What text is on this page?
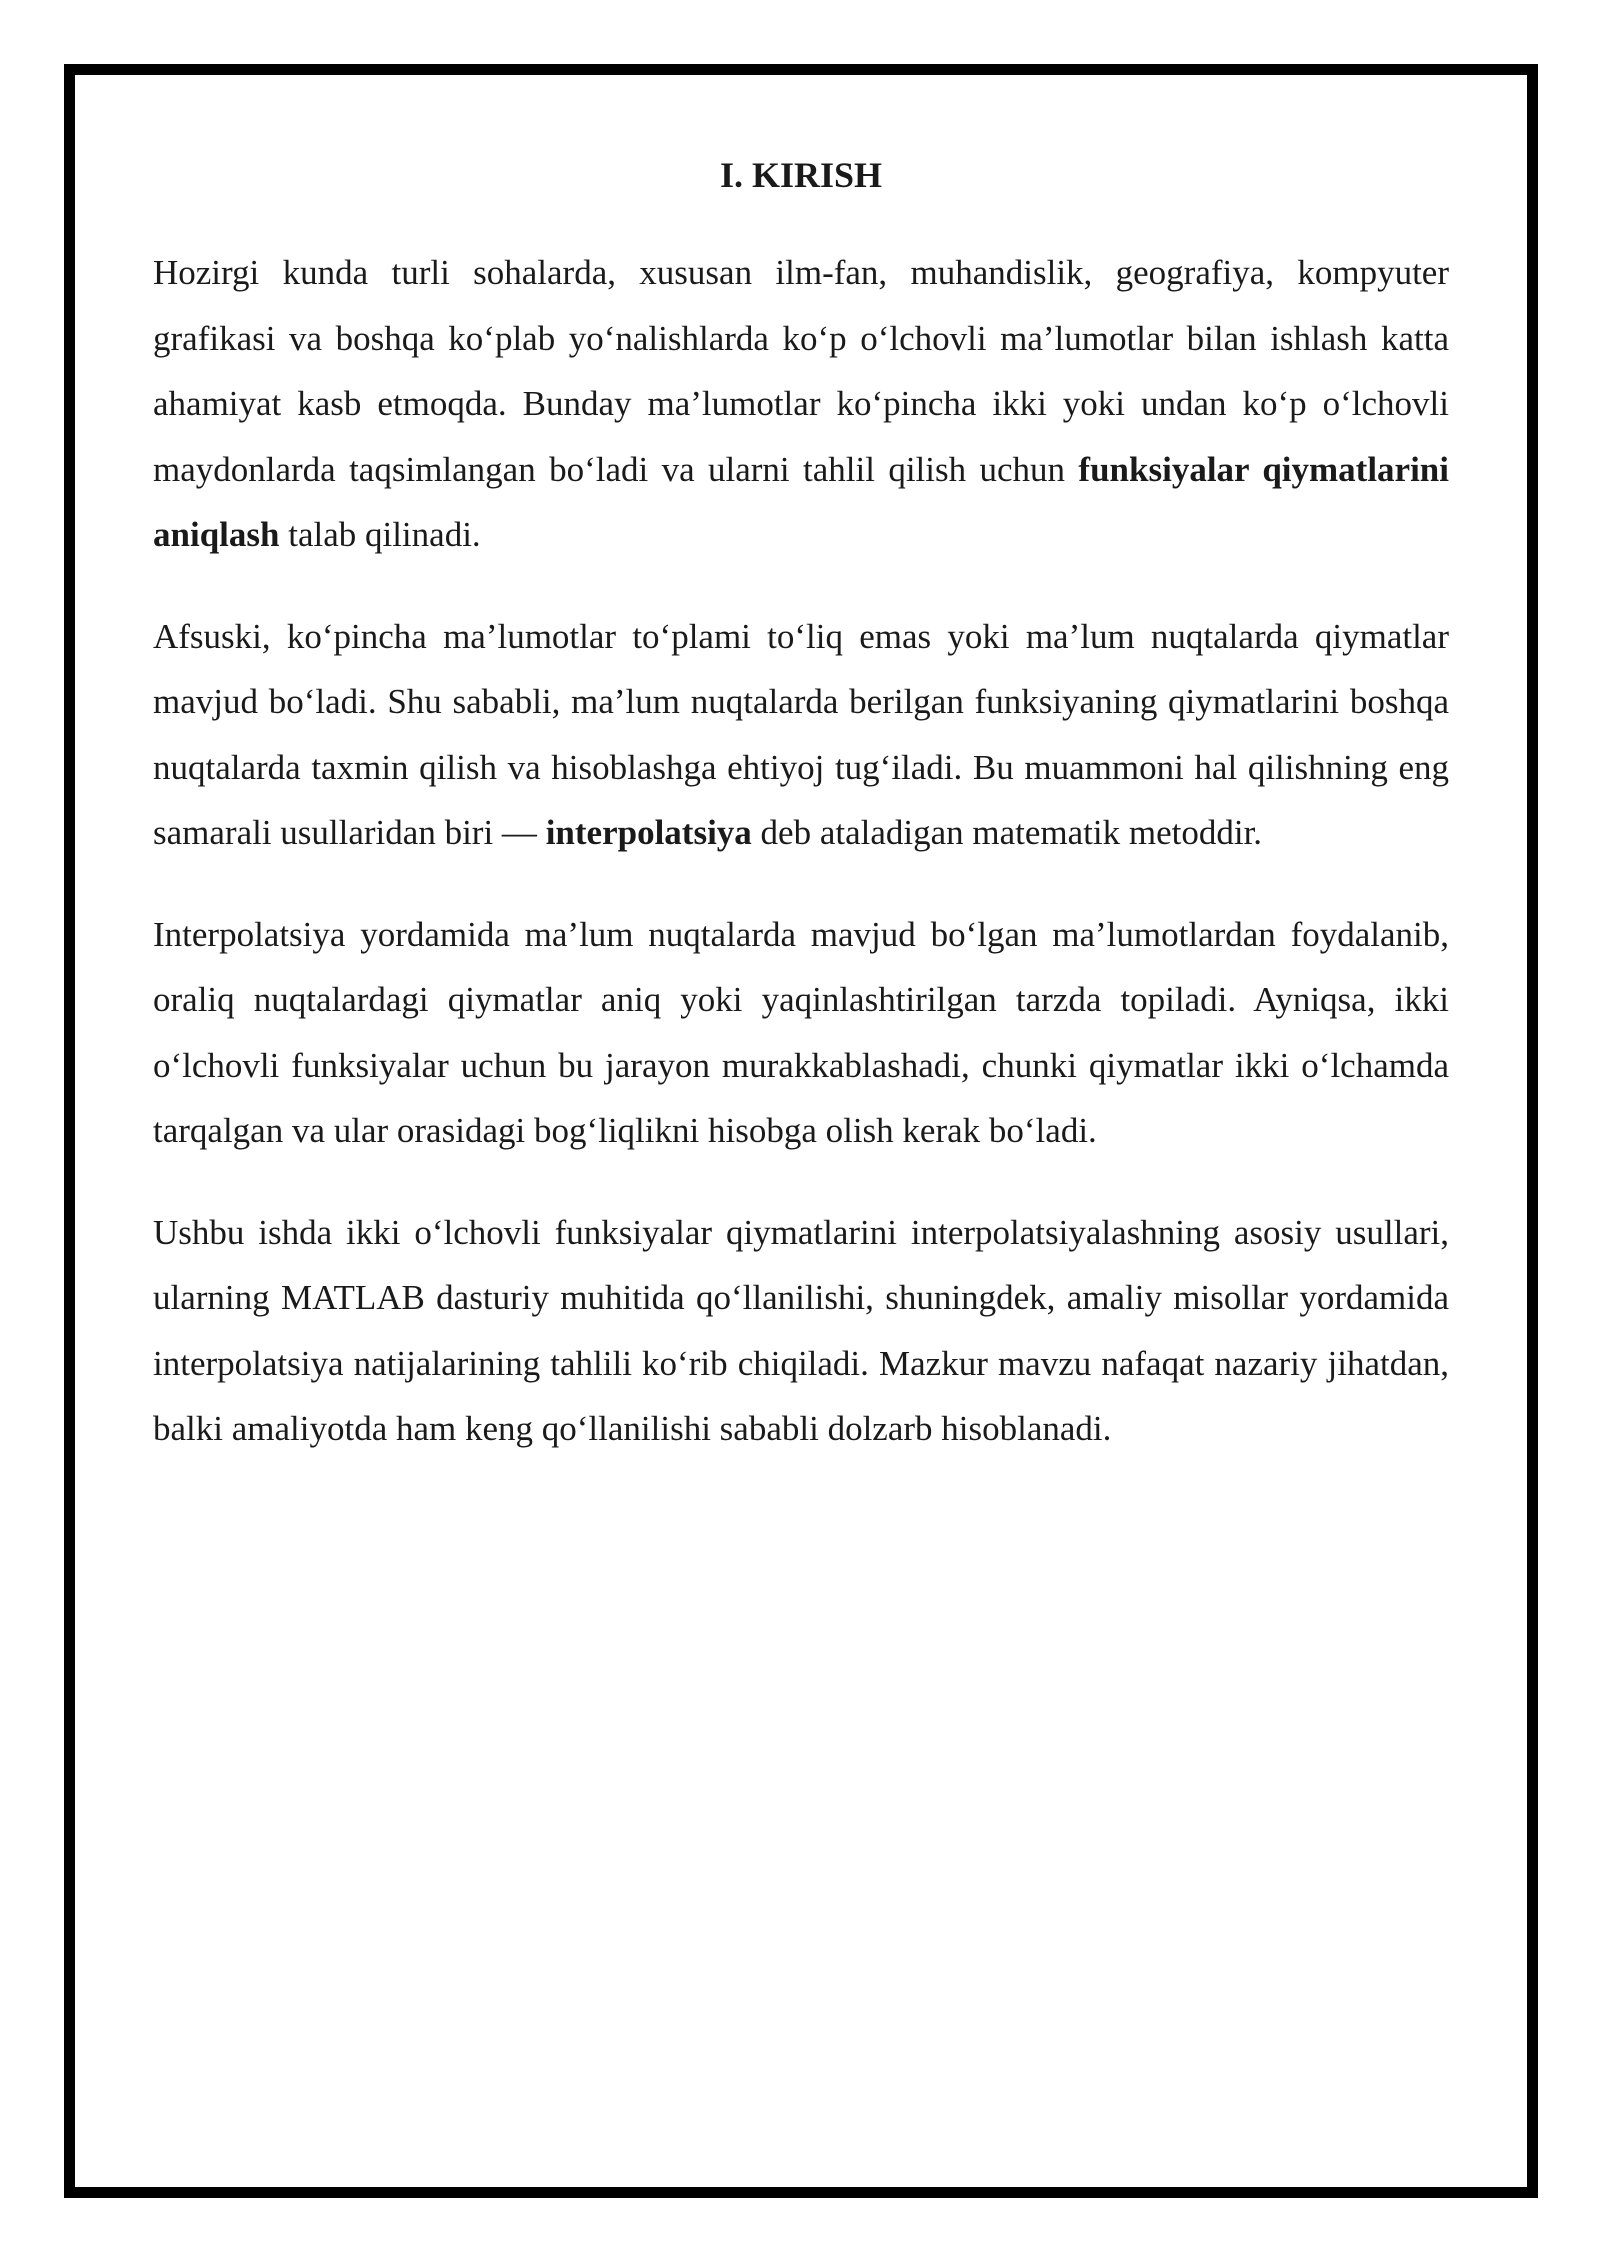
I. KIRISH

Hozirgi kunda turli sohalarda, xususan ilm-fan, muhandislik, geografiya, kompyuter grafikasi va boshqa ko‘plab yo‘nalishlarda ko‘p o‘lchovli ma’lumotlar bilan ishlash katta ahamiyat kasb etmoqda. Bunday ma’lumotlar ko‘pincha ikki yoki undan ko‘p o‘lchovli maydonlarda taqsimlangan bo‘ladi va ularni tahlil qilish uchun funksiyalar qiymatlarini aniqlash talab qilinadi.

Afsuski, ko‘pincha ma’lumotlar to‘plami to‘liq emas yoki ma’lum nuqtalarda qiymatlar mavjud bo‘ladi. Shu sababli, ma’lum nuqtalarda berilgan funksiyaning qiymatlarini boshqa nuqtalarda taxmin qilish va hisoblashga ehtiyoj tug‘iladi. Bu muammoni hal qilishning eng samarali usullaridan biri — interpolatsiya deb ataladigan matematik metoddir.

Interpolatsiya yordamida ma’lum nuqtalarda mavjud bo‘lgan ma’lumotlardan foydalanib, oraliq nuqtalardagi qiymatlar aniq yoki yaqinlashtirilgan tarzda topiladi. Ayniqsa, ikki o‘lchovli funksiyalar uchun bu jarayon murakkablashadi, chunki qiymatlar ikki o‘lchamda tarqalgan va ular orasidagi bog‘liqlikni hisobga olish kerak bo‘ladi.

Ushbu ishda ikki o‘lchovli funksiyalar qiymatlarini interpolatsiyalashning asosiy usullari, ularning MATLAB dasturiy muhitida qo‘llanilishi, shuningdek, amaliy misollar yordamida interpolatsiya natijalarining tahlili ko‘rib chiqiladi. Mazkur mavzu nafaqat nazariy jihatdan, balki amaliyotda ham keng qo‘llanilishi sababli dolzarb hisoblanadi.
